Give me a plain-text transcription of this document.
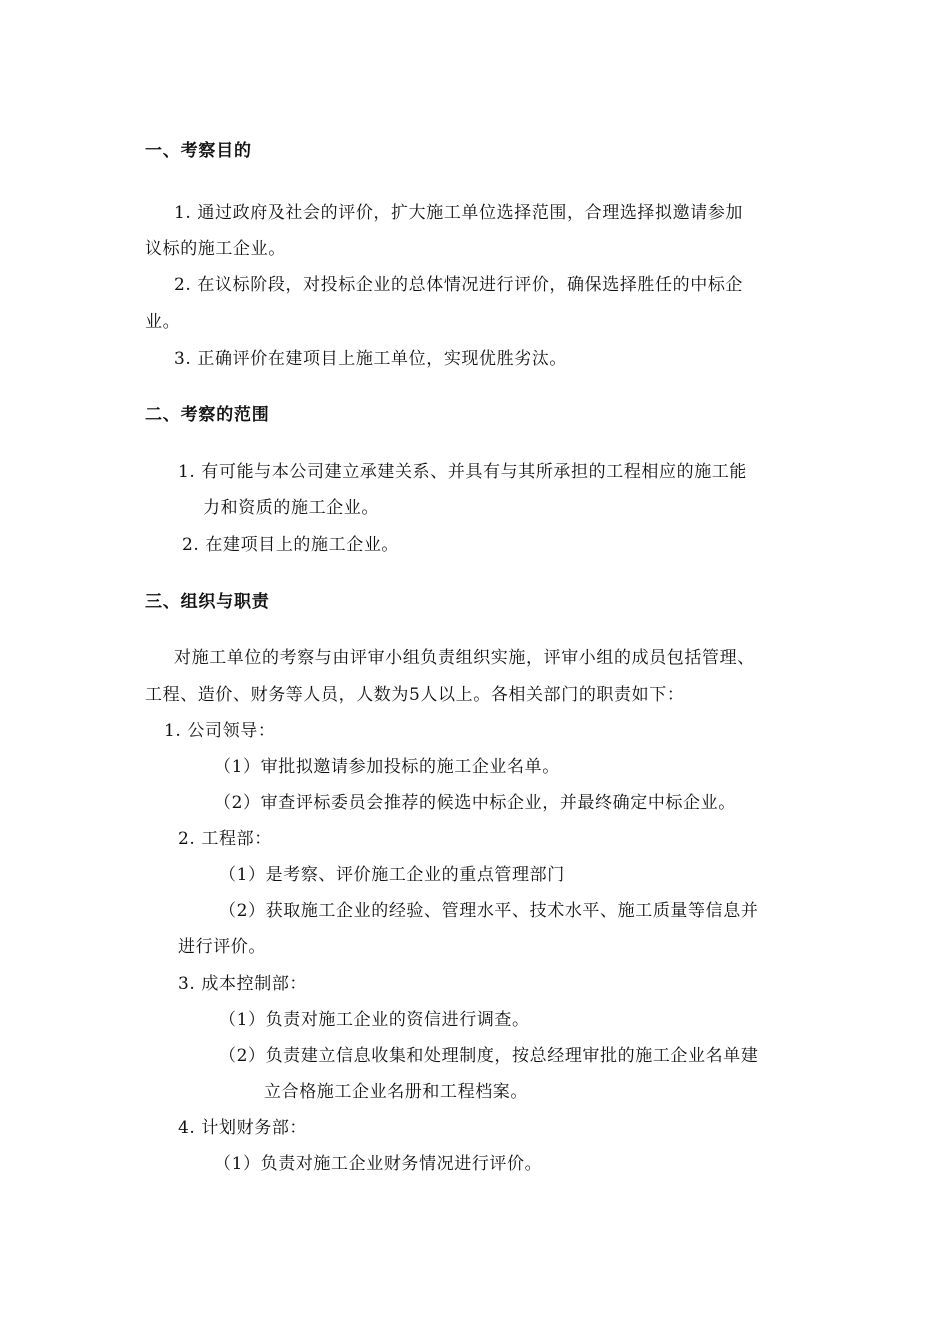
一、考察目的
1. 通过政府及社会的评价，扩大施工单位选择范围，合理选择拟邀请参加
议标的施工企业。
2. 在议标阶段，对投标企业的总体情况进行评价，确保选择胜任的中标企
业。
3. 正确评价在建项目上施工单位，实现优胜劣汰。
二、考察的范围
1. 有可能与本公司建立承建关系、并具有与其所承担的工程相应的施工能
力和资质的施工企业。
2. 在建项目上的施工企业。
三、组织与职责
对施工单位的考察与由评审小组负责组织实施，评审小组的成员包括管理、
工程、造价、财务等人员，人数为5人以上。各相关部门的职责如下：
1. 公司领导：
（1）审批拟邀请参加投标的施工企业名单。
（2）审查评标委员会推荐的候选中标企业，并最终确定中标企业。
2. 工程部：
（1）是考察、评价施工企业的重点管理部门
（2）获取施工企业的经验、管理水平、技术水平、施工质量等信息并
进行评价。
3. 成本控制部：
（1）负责对施工企业的资信进行调查。
（2）负责建立信息收集和处理制度，按总经理审批的施工企业名单建
立合格施工企业名册和工程档案。
4. 计划财务部：
（1）负责对施工企业财务情况进行评价。
